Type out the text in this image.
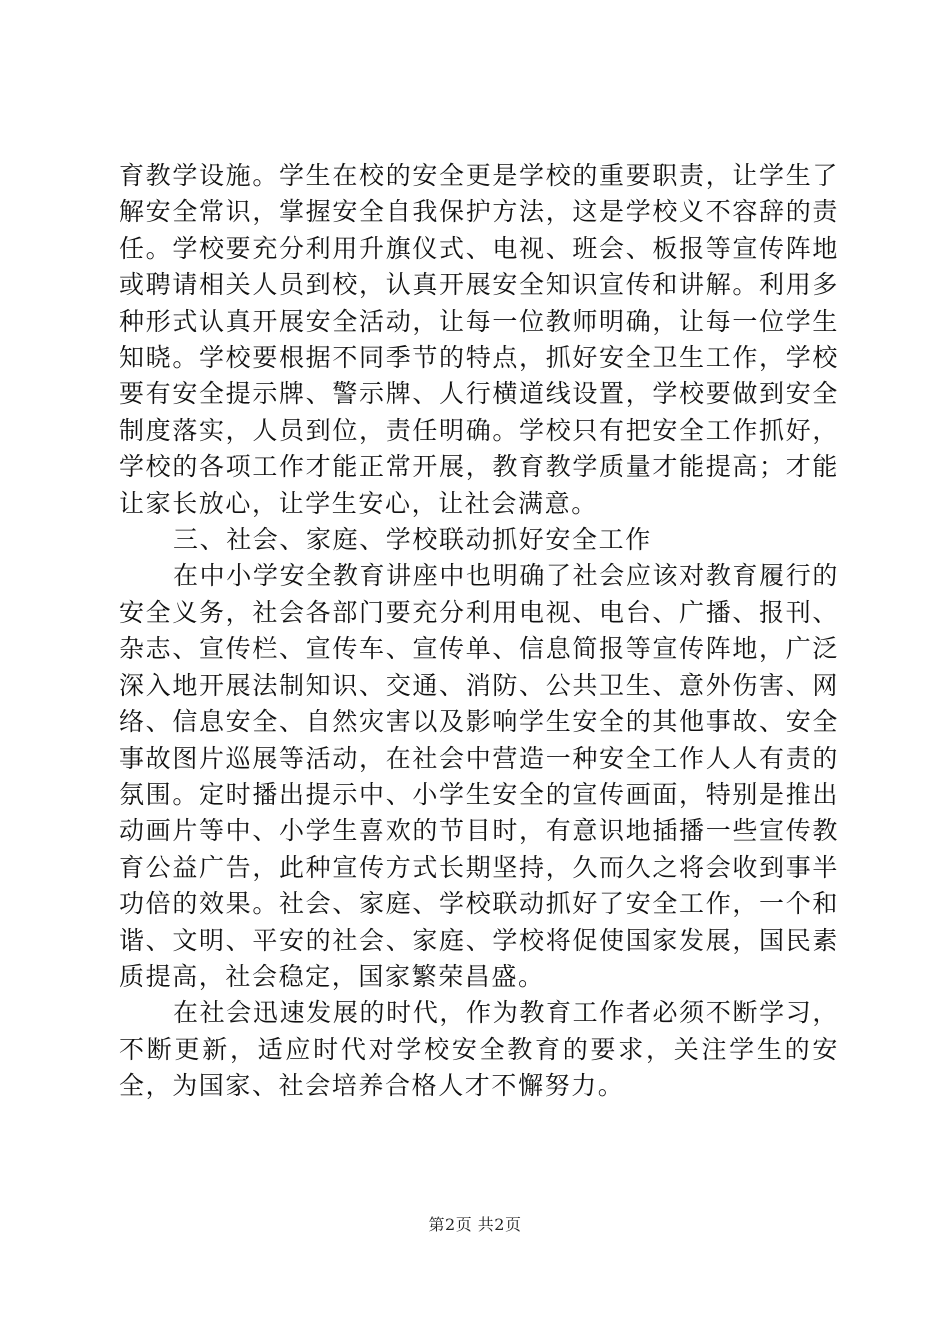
育教学设施。学生在校的安全更是学校的重要职责，让学生了解安全常识，掌握安全自我保护方法，这是学校义不容辞的责任。学校要充分利用升旗仪式、电视、班会、板报等宣传阵地或聘请相关人员到校，认真开展安全知识宣传和讲解。利用多种形式认真开展安全活动，让每一位教师明确，让每一位学生知晓。学校要根据不同季节的特点，抓好安全卫生工作，学校要有安全提示牌、警示牌、人行横道线设置，学校要做到安全制度落实，人员到位，责任明确。学校只有把安全工作抓好，学校的各项工作才能正常开展，教育教学质量才能提高；才能让家长放心，让学生安心，让社会满意。

三、社会、家庭、学校联动抓好安全工作

在中小学安全教育讲座中也明确了社会应该对教育履行的安全义务，社会各部门要充分利用电视、电台、广播、报刊、杂志、宣传栏、宣传车、宣传单、信息简报等宣传阵地，广泛深入地开展法制知识、交通、消防、公共卫生、意外伤害、网络、信息安全、自然灾害以及影响学生安全的其他事故、安全事故图片巡展等活动，在社会中营造一种安全工作人人有责的氛围。定时播出提示中、小学生安全的宣传画面，特别是推出动画片等中、小学生喜欢的节目时，有意识地插播一些宣传教育公益广告，此种宣传方式长期坚持，久而久之将会收到事半功倍的效果。社会、家庭、学校联动抓好了安全工作，一个和谐、文明、平安的社会、家庭、学校将促使国家发展，国民素质提高，社会稳定，国家繁荣昌盛。

在社会迅速发展的时代，作为教育工作者必须不断学习，不断更新，适应时代对学校安全教育的要求，关注学生的安全，为国家、社会培养合格人才不懈努力。

第2页 共2页
